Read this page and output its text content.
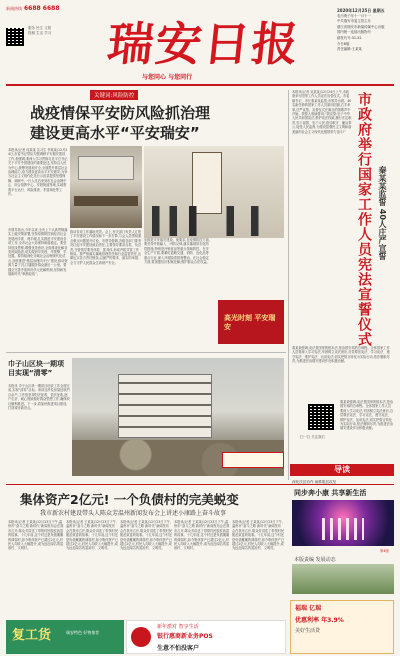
新闻热线 6688 6688
服务 民生 文娱
投稿 生活 学习	瑞安日报
与您同心 与您同行
2020年12月25日 星期五
农历庚子年十一月十一
中共瑞安市委主管主办
浙江省瑞安市新闻传媒中心出版
国内统一连续出版物号
邮发代号:31-52
今日8版
责任编辑:王某某
关键词:风险防控
战疫情保平安防风险抓治理
建设更高水平“平安瑞安”
本报讯(记者 何某某 实习生 李某某)12月24日,市委书记带队专题调研平安瑞安建设工作,他强调,要深入学习贯彻习近平总书记关于平安中国建设的重要论述,坚持以人民为中心,统筹发展和安全,全面提升基层社会治理能力,奋力建设更高水平平安瑞安,为争当社会主义现代化先行示范县提供坚强保障。调研中,一行人先后来到市社会治理中心、综合指挥中心、安阳街道等地,实地察看平台运行、风险排查、矛盾调处等工作。
市领导指出,今年以来,全市上下认真贯彻落实上级决策部署,坚持疫情防控和经济社会发展两手抓、两手硬,扎实推进平安建设各项工作,全市社会大局保持和谐稳定。要坚持底线思维,增强忧患意识,全面排查化解各类风险隐患,切实做到早发现、早预警、早处置。要持续深化市域社会治理现代化试点,加快推进“基层治理四平台”建设,推动资源力量下沉,打通服务群众最后一公里。要健全完善矛盾纠纷多元化解机制,坚持和发展新时代“枫桥经验”。
推动各项工作落地见效。会上,有关部门负责人汇报了平安建设工作情况和下一步打算,与会人员围绕重点难点问题展开讨论。市领导强调,各级各部门要坚决扛起平安建设政治责任,主要领导要亲自抓、负总责,分管领导要具体抓、抓具体,形成齐抓共管工作格局。要严格落实属地管理责任和行业监管责任,压紧压实各方责任链条,以最严的要求、最实的举措,全力守护人民群众生命财产安全。
步推进平安瑞安建设。他要求,在疫情防控方面,要坚持外防输入、内防反弹,落实落细常态化防控措施,特别是冷链食品等重点领域防控。在安全生产方面,要紧盯道路交通、消防、危化品等重点行业,深入开展隐患排查整治。在社会稳定方面,要加强信访积案化解,维护群众合法权益。
高光时刻 平安瑞安
巾子山区块一期项目实现“清零”
本报讯 巾子山区块一期项目征收工作全面完成,实现“清零”目标。该项目涉及房屋征收约百余户,工作组坚持阳光征收、依法征收,逐户走访、耐心细致做好群众思想工作,确保项目顺利推进。下一步,将加快推进项目建设,打造城市新亮点。
集体资产2亿元! 一个负债村的完美蜕变
我市新农村建设带头人陈众芳温州新闻发布会上讲述小康路上奋斗故事
本报讯(记者 王某某)12月23日下午,温州市“奋斗之路 新时代”新闻发布会在我市召开,陈众芳讲述了带领村民脱贫致富的故事。十几年前,这个村还是负债累累的薄弱村,如今集体资产已超过2亿元,村民人均收入大幅提升,成为远近闻名的富裕村、文明村。
本报讯(记者 王某某)12月23日下午,温州市“奋斗之路 新时代”新闻发布会在我市召开,陈众芳讲述了带领村民脱贫致富的故事。十几年前,这个村还是负债累累的薄弱村,如今集体资产已超过2亿元,村民人均收入大幅提升,成为远近闻名的富裕村、文明村。
本报讯(记者 王某某)12月23日下午,温州市“奋斗之路 新时代”新闻发布会在我市召开,陈众芳讲述了带领村民脱贫致富的故事。十几年前,这个村还是负债累累的薄弱村,如今集体资产已超过2亿元,村民人均收入大幅提升,成为远近闻名的富裕村、文明村。
本报讯(记者 王某某)12月23日下午,温州市“奋斗之路 新时代”新闻发布会在我市召开,陈众芳讲述了带领村民脱贫致富的故事。十几年前,这个村还是负债累累的薄弱村,如今集体资产已超过2亿元,村民人均收入大幅提升,成为远近闻名的富裕村、文明村。
本报讯(记者 王某某)12月23日下午,温州市“奋斗之路 新时代”新闻发布会在我市召开,陈众芳讲述了带领村民脱贫致富的故事。十几年前,这个村还是负债累累的薄弱村,如今集体资产已超过2亿元,村民人均收入大幅提升,成为远近闻名的富裕村、文明村。
本报讯(记者 吴某某)12月24日上午,市政府举行国家工作人员宪法宣誓仪式。市委副书记、市长秦某某监誓,市领导出席。40名新任命的国家工作人员面向国旗,右手举拳,庄严宣誓。宣誓仪式在雄壮的国歌声中开始。领誓人领诵誓词:“我宣誓:忠于中华人民共和国宪法,维护宪法权威,履行法定职责,忠于祖国、忠于人民,恪尽职守、廉洁奉公,接受人民监督,为建设富强民主文明和谐美丽的社会主义现代化强国努力奋斗!” 市政府举行国家工作人员宪法宣誓仪式 秦某某监誓 40人庄严宣誓
秦某某强调,宪法是国家的根本法,是治国安邦的总章程。全体国家工作人员要深入学习宪法,牢固树立宪法意识,自觉尊崇宪法、学习宪法、遵守宪法、维护宪法、运用宪法,切实把誓言转化为实际行动,依法履职尽责,为推进法治瑞安建设作出积极贡献。
扫一扫 关注我们
秦某某强调,宪法是国家的根本法,是治国安邦的总章程。全体国家工作人员要深入学习宪法,牢固树立宪法意识,自觉尊崇宪法、学习宪法、遵守宪法、维护宪法、运用宪法,切实把誓言转化为实际行动,依法履职尽责,为推进法治瑞安建设作出积极贡献。
导读
深化扶贫协作 助推脱贫攻坚
同步奔小康 共享新生活
第4版
本版责编 发展动态
复工货	瑞安特色 好物推荐
新年派对 智享生活
银行惠商新业务POS
生意不怕没客户
福瑞 亿瑞
优惠利率 年3.9%
美好生活贷
